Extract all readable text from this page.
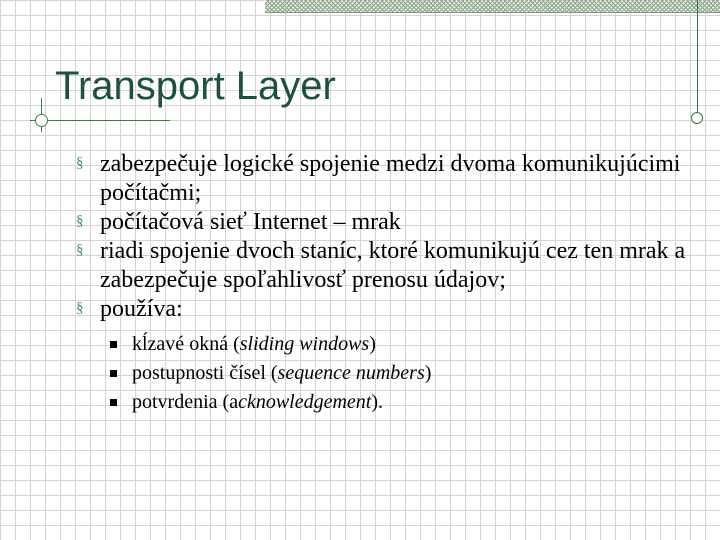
Transport Layer
§ zabezpečuje logické spojenie medzi dvoma komunikujúcimi počítačmi;
§ počítačová sieť Internet – mrak
§ riadi spojenie dvoch staníc, ktoré komunikujú cez ten mrak a zabezpečuje spoľahlivosť prenosu údajov;
§ používa:
kĺzavé okná (sliding windows)
postupnosti čísel (sequence numbers)
potvrdenia (acknowledgement).
